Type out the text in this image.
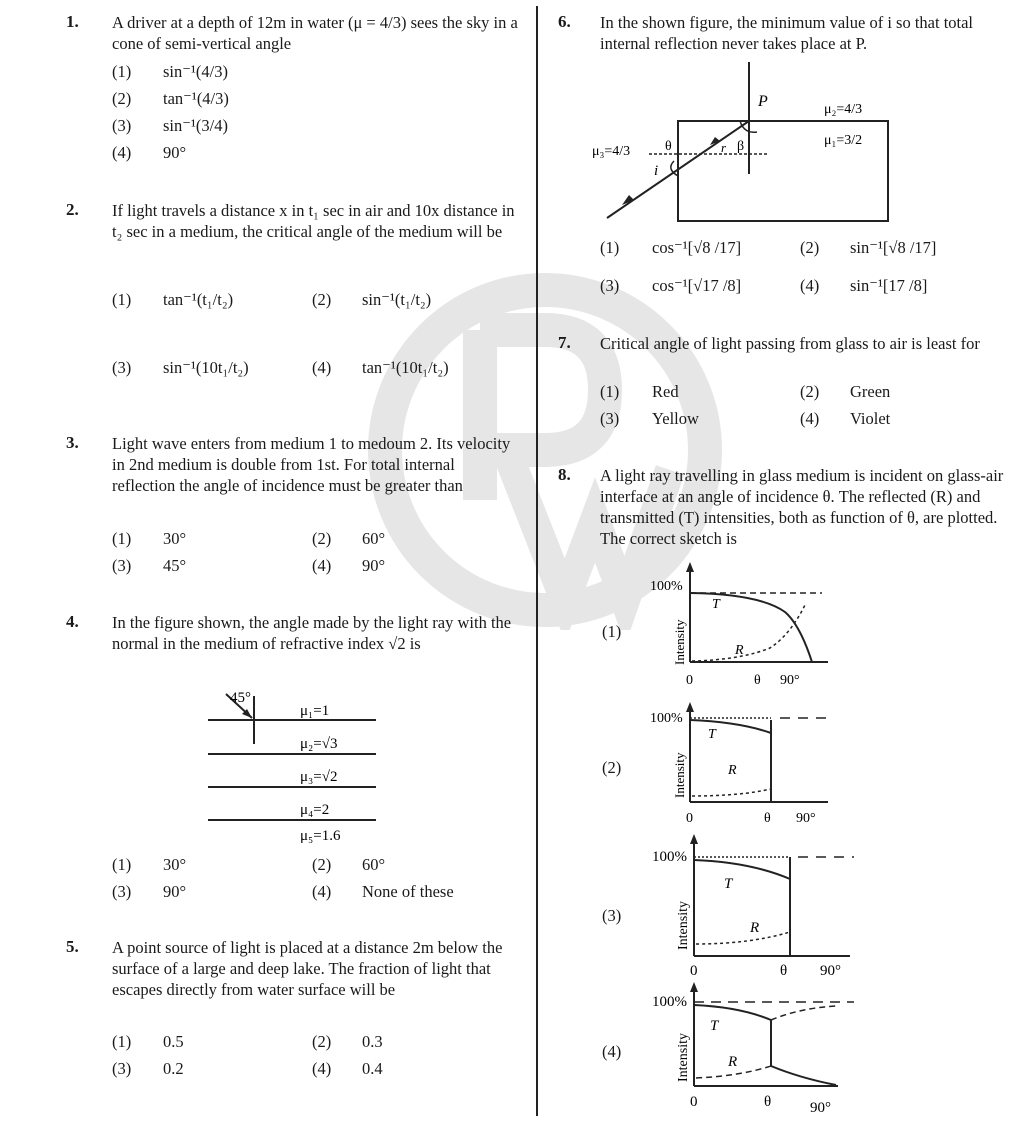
1. A driver at a depth of 12m in water (μ = 4/3) sees the sky in a cone of semi-vertical angle
(1) sin⁻¹(4/3)
(2) tan⁻¹(4/3)
(3) sin⁻¹(3/4)
(4) 90°
2. If light travels a distance x in t₁ sec in air and 10x distance in t₂ sec in a medium, the critical angle of the medium will be
(1) tan⁻¹(t₁/t₂)	(2) sin⁻¹(t₁/t₂)
(3) sin⁻¹(10t₁/t₂)	(4) tan⁻¹(10t₁/t₂)
3. Light wave enters from medium 1 to medoum 2. Its velocity in 2nd medium is double from 1st. For total internal reflection the angle of incidence must be greater than
(1) 30°	(2) 60°
(3) 45°	(4) 90°
4. In the figure shown, the angle made by the light ray with the normal in the medium of refractive index √2 is
45°
μ₁=1
μ₂=√3
μ₃=√2
μ₄=2
μ₅=1.6
(1) 30°	(2) 60°
(3) 90°	(4) None of these
5. A point source of light is placed at a distance 2m below the surface of a large and deep lake. The fraction of light that escapes directly from water surface will be
(1) 0.5	(2) 0.3
(3) 0.2	(4) 0.4
6. In the shown figure, the minimum value of i so that total internal reflection never takes place at P.
P	μ₂=4/3
μ₁=3/2
μ₃=4/3 θ	r β
i
(1) cos⁻¹[√8 /17]	(2) sin⁻¹[√8 /17]
(3) cos⁻¹[√17 /8]	(4) sin⁻¹[17 /8]
7. Critical angle of light passing from glass to air is least for
(1) Red	(2) Green
(3) Yellow	(4) Violet
8. A light ray travelling in glass medium is incident on glass-air interface at an angle of incidence θ. The reflected (R) and transmitted (T) intensities, both as function of θ, are plotted. The correct sketch is
(1)
100%
Intensity
T
R
0	θ 90°
(2)
100%
Intensity
T
R
0	θ 90°
(3)
100%
Intensity
T
R
0	θ 90°
(4)
100%
Intensity
T
R
0	θ	90°
